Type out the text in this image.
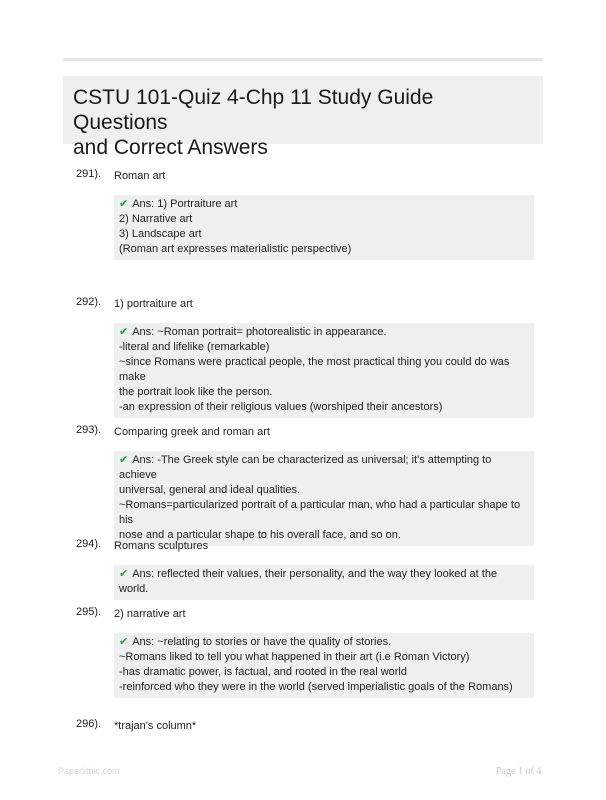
CSTU 101-Quiz 4-Chp 11 Study Guide Questions
and Correct Answers
291). Roman art
✔ Ans: 1) Portraiture art
2) Narrative art
3) Landscape art
(Roman art expresses materialistic perspective)
292). 1) portraiture art
✔ Ans: ~Roman portrait= photorealistic in appearance.
-literal and lifelike (remarkable)
~since Romans were practical people, the most practical thing you could do was make
the portrait look like the person.
-an expression of their religious values (worshiped their ancestors)
293). Comparing greek and roman art
✔ Ans: -The Greek style can be characterized as universal; it's attempting to achieve
universal, general and ideal qualities.
~Romans=particularized portrait of a particular man, who had a particular shape to his
nose and a particular shape to his overall face, and so on.
294). Romans sculptures
✔ Ans: reflected their values, their personality, and the way they looked at the world.
295). 2) narrative art
✔ Ans: ~relating to stories or have the quality of stories.
~Romans liked to tell you what happened in their art (i.e Roman Victory)
-has dramatic power, is factual, and rooted in the real world
-reinforced who they were in the world (served imperialistic goals of the Romans)
296). *trajan's column*
Paperlitbic.com	Page 1 of 4
